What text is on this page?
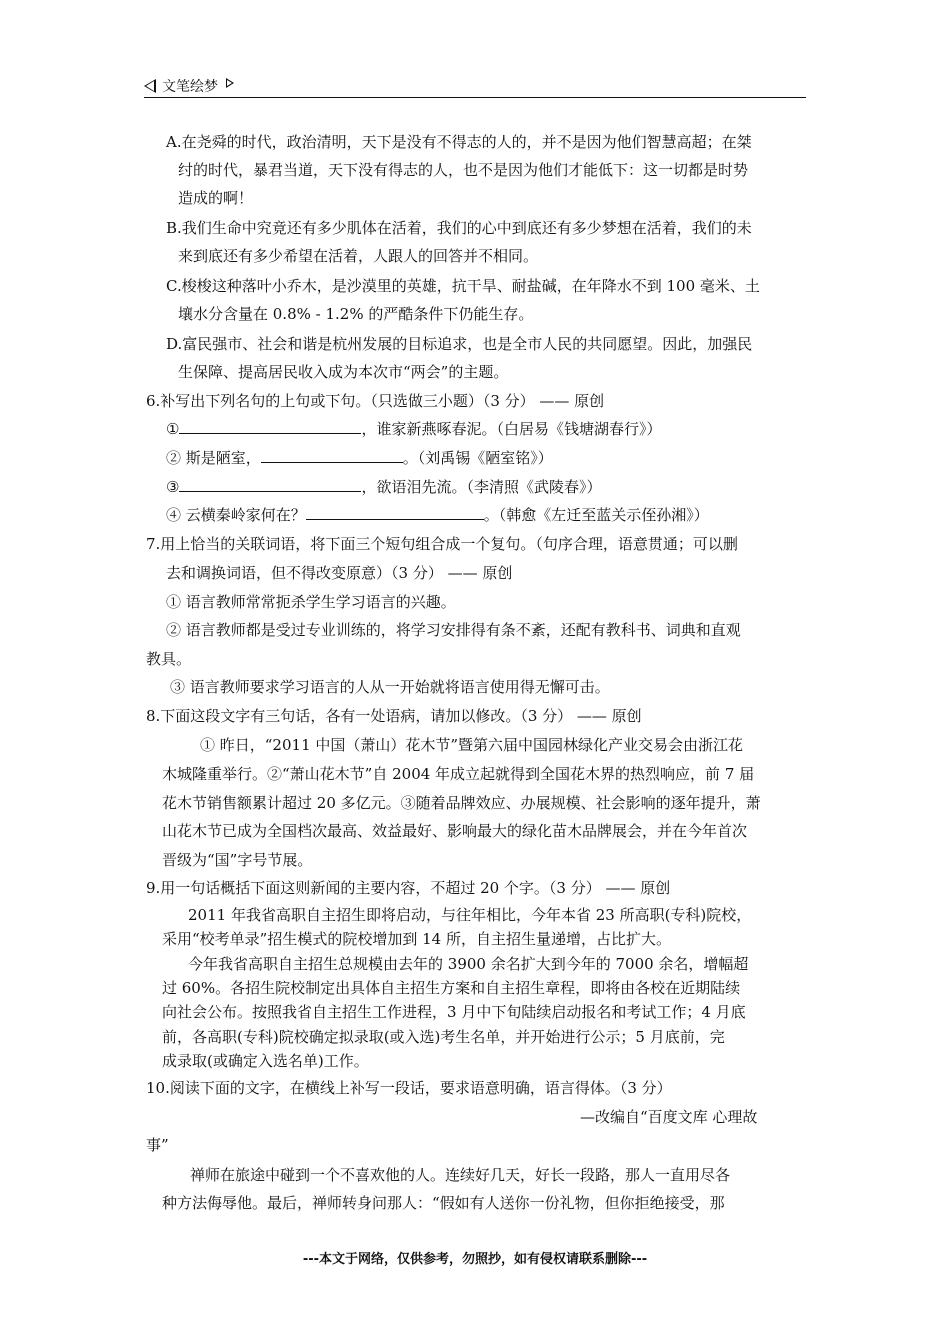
文笔绘梦
A.在尧舜的时代，政治清明，天下是没有不得志的人的，并不是因为他们智慧高超；在桀
纣的时代，暴君当道，天下没有得志的人，也不是因为他们才能低下：这一切都是时势
造成的啊！
B.我们生命中究竟还有多少肌体在活着，我们的心中到底还有多少梦想在活着，我们的未
来到底还有多少希望在活着，人跟人的回答并不相同。
C.梭梭这种落叶小乔木，是沙漠里的英雄，抗干旱、耐盐碱，在年降水不到 100 毫米、土
壤水分含量在 0.8% - 1.2% 的严酷条件下仍能生存。
D.富民强市、社会和谐是杭州发展的目标追求，也是全市人民的共同愿望。因此，加强民
生保障、提高居民收入成为本次市“两会”的主题。
6.补写出下列名句的上句或下句。（只选做三小题）（3 分） —— 原创
①	，谁家新燕啄春泥。（白居易《钱塘湖春行》）
② 斯是陋室，	。（刘禹锡《陋室铭》）
③	，欲语泪先流。（李清照《武陵春》）
④ 云横秦岭家何在？	。（韩愈《左迁至蓝关示侄孙湘》）
7.用上恰当的关联词语，将下面三个短句组合成一个复句。（句序合理，语意贯通；可以删
去和调换词语，但不得改变原意）（3 分） —— 原创
① 语言教师常常扼杀学生学习语言的兴趣。
② 语言教师都是受过专业训练的，将学习安排得有条不紊，还配有教科书、词典和直观
教具。
③ 语言教师要求学习语言的人从一开始就将语言使用得无懈可击。
8.下面这段文字有三句话，各有一处语病，请加以修改。（3 分） —— 原创
① 昨日，“2011 中国（萧山）花木节”暨第六届中国园林绿化产业交易会由浙江花
木城隆重举行。②“萧山花木节”自 2004 年成立起就得到全国花木界的热烈响应，前 7 届
花木节销售额累计超过 20 多亿元。③随着品牌效应、办展规模、社会影响的逐年提升，萧
山花木节已成为全国档次最高、效益最好、影响最大的绿化苗木品牌展会，并在今年首次
晋级为“国”字号节展。
9.用一句话概括下面这则新闻的主要内容，不超过 20 个字。（3 分） —— 原创
2011 年我省高职自主招生即将启动，与往年相比，今年本省 23 所高职(专科)院校，
采用“校考单录”招生模式的院校增加到 14 所，自主招生量递增，占比扩大。
今年我省高职自主招生总规模由去年的 3900 余名扩大到今年的 7000 余名，增幅超
过 60%。各招生院校制定出具体自主招生方案和自主招生章程，即将由各校在近期陆续
向社会公布。按照我省自主招生工作进程，3 月中下旬陆续启动报名和考试工作；4 月底
前，各高职(专科)院校确定拟录取(或入选)考生名单，并开始进行公示；5 月底前，完
成录取(或确定入选名单)工作。
10.阅读下面的文字，在横线上补写一段话，要求语意明确，语言得体。（3 分）
—改编自“百度文库 心理故
事”
禅师在旅途中碰到一个不喜欢他的人。连续好几天，好长一段路，那人一直用尽各
种方法侮辱他。最后，禅师转身问那人：“假如有人送你一份礼物，但你拒绝接受，那
---本文于网络，仅供参考，勿照抄，如有侵权请联系删除---
